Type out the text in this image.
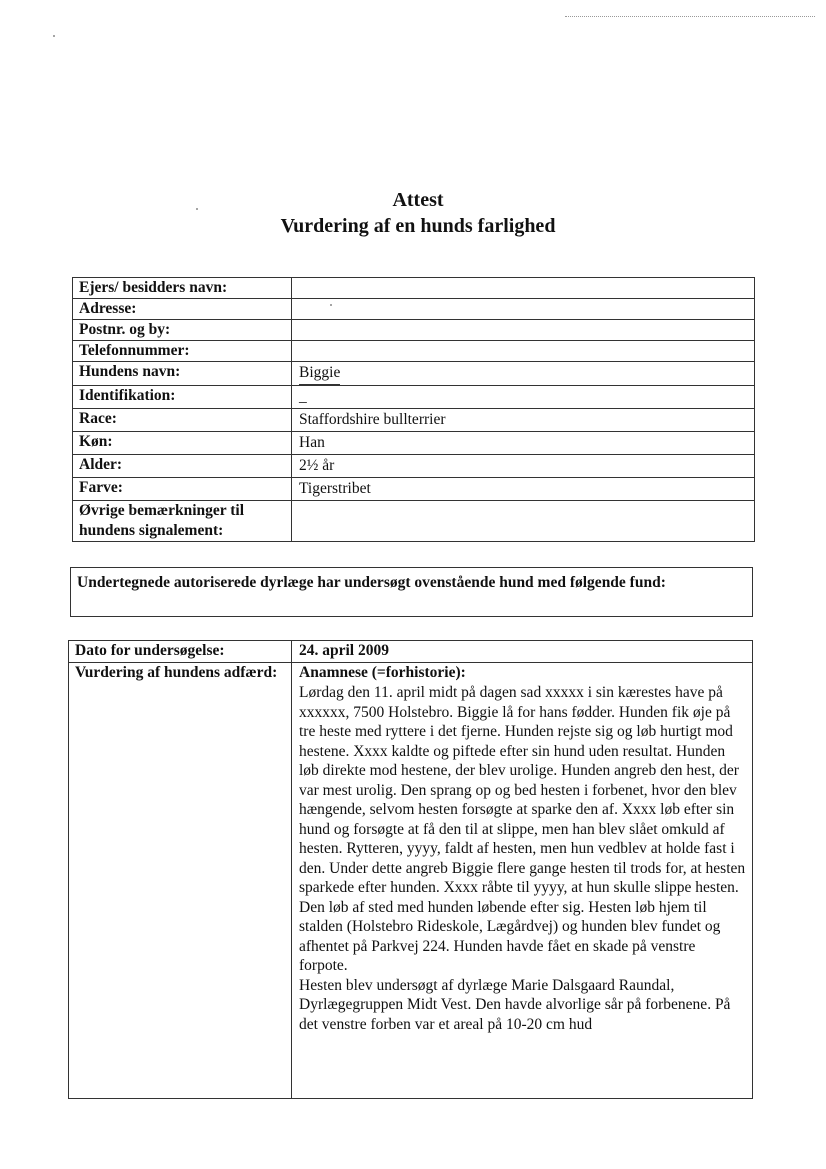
Attest
Vurdering af en hunds farlighed
Ejers/ besidders navn:	
Adresse:	
Postnr. og by:	
Telefonnummer:	
Hundens navn:	Biggie
Identifikation:	_
Race:	Staffordshire bullterrier
Køn:	Han
Alder:	2½ år
Farve:	Tigerstribet
Øvrige bemærkninger til hundens signalement:	
Undertegnede autoriserede dyrlæge har undersøgt ovenstående hund med følgende fund:
Dato for undersøgelse:	24. april 2009
Vurdering af hundens adfærd:	Anamnese (=forhistorie):

Lørdag den 11. april midt på dagen sad xxxxx i sin kærestes have på xxxxxx, 7500 Holstebro. Biggie lå for hans fødder. Hunden fik øje på tre heste med ryttere i det fjerne. Hunden rejste sig og løb hurtigt mod hestene. Xxxx kaldte og piftede efter sin hund uden resultat. Hunden løb direkte mod hestene, der blev urolige. Hunden angreb den hest, der var mest urolig. Den sprang op og bed hesten i forbenet, hvor den blev hængende, selvom hesten forsøgte at sparke den af. Xxxx løb efter sin hund og forsøgte at få den til at slippe, men han blev slået omkuld af hesten. Rytteren, yyyy, faldt af hesten, men hun vedblev at holde fast i den. Under dette angreb Biggie flere gange hesten til trods for, at hesten sparkede efter hunden. Xxxx råbte til yyyy, at hun skulle slippe hesten. Den løb af sted med hunden løbende efter sig. Hesten løb hjem til stalden (Holstebro Rideskole, Lægårdvej) og hunden blev fundet og afhentet på Parkvej 224. Hunden havde fået en skade på venstre forpote.

Hesten blev undersøgt af dyrlæge Marie Dalsgaard Raundal, Dyrlægegruppen Midt Vest. Den havde alvorlige sår på forbenene. På det venstre forben var et areal på 10-20 cm hud
